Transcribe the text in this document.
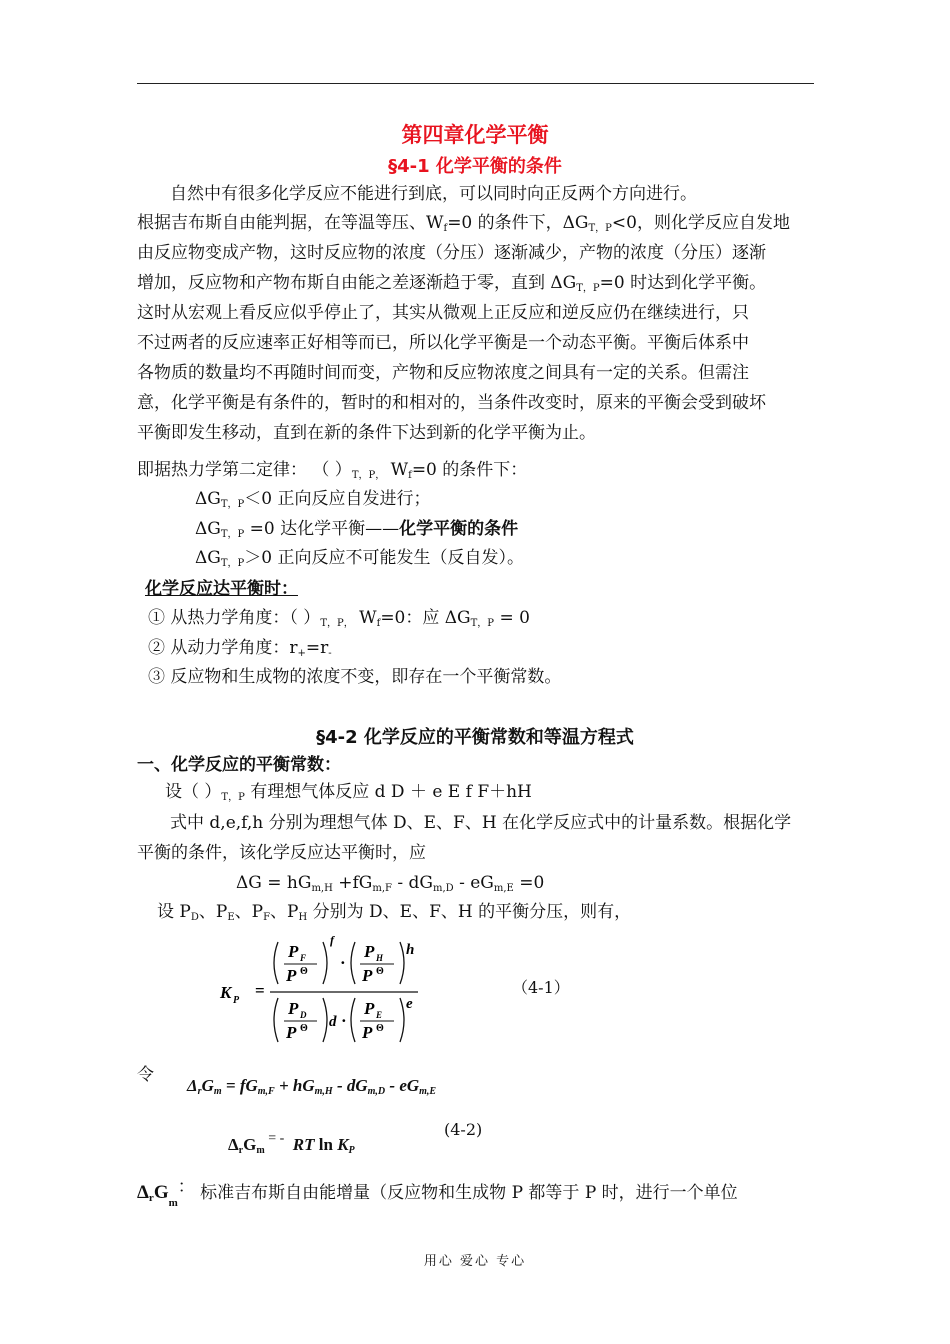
第四章化学平衡
§4-1 化学平衡的条件
自然中有很多化学反应不能进行到底，可以同时向正反两个方向进行。
根据吉布斯自由能判据，在等温等压、$W_f=0$ 的条件下，$\Delta G_{T,P}<0$，则化学反应自发地
由反应物变成产物，这时反应物的浓度（分压）逐渐减少，产物的浓度（分压）逐渐
增加，反应物和产物布斯自由能之差逐渐趋于零，直到 $\Delta G_{T,P}=0$ 时达到化学平衡。
这时从宏观上看反应似乎停止了，其实从微观上正反应和逆反应仍在继续进行，只
不过两者的反应速率正好相等而已，所以化学平衡是一个动态平衡。平衡后体系中
各物质的数量均不再随时间而变，产物和反应物浓度之间具有一定的关系。但需注
意，化学平衡是有条件的，暂时的和相对的，当条件改变时，原来的平衡会受到破坏
平衡即发生移动，直到在新的条件下达到新的化学平衡为止。
即据热力学第二定律： （ ）$_{T,P,}$ $W_f=0$ 的条件下：
$\Delta G_{T,P}<0$ 正向反应自发进行；
$\Delta G_{T,P} =0$ 达化学平衡——化学平衡的条件
$\Delta G_{T,P}>0$ 正向反应不可能发生（反自发）。
化学反应达平衡时：
① 从热力学角度：（ ）$_{T,P,}$ $W_f=0$：应 $\Delta G_{T,P} = 0$
② 从动力学角度：$r_+=r_-$
③ 反应物和生成物的浓度不变，即存在一个平衡常数。
§4-2 化学反应的平衡常数和等温方程式
一、化学反应的平衡常数：
设（ ）$_{T,P}$ 有理想气体反应 d D ＋ e E f F＋hH
式中 d,e,f,h 分别为理想气体 D、E、F、H 在化学反应式中的计量系数。根据化学
平衡的条件，该化学反应达平衡时，应
$\Delta G = hG_{m,H} +fG_{m,F} - dG_{m,D} - eG_{m,E} =0$
设 $P_D$、$P_E$、$P_F$、$P_H$ 分别为 D、E、F、H 的平衡分压，则有，
K P
=
P F
P Θ
f
·
P H
P Θ
h
P D
P Θ d ·
P E
P Θ
e
（4-1）
令
$\Delta_rG_m = fG_{m,F} + hG_{m,H} - dG_{m,D} - eG_{m,E}$
$\Delta_rG_m$ = - RT $\ln K_P$
(4-2)
$\Delta_rG_m$： 标准吉布斯自由能增量（反应物和生成物 P 都等于 P 时，进行一个单位
用心 爱心 专心
